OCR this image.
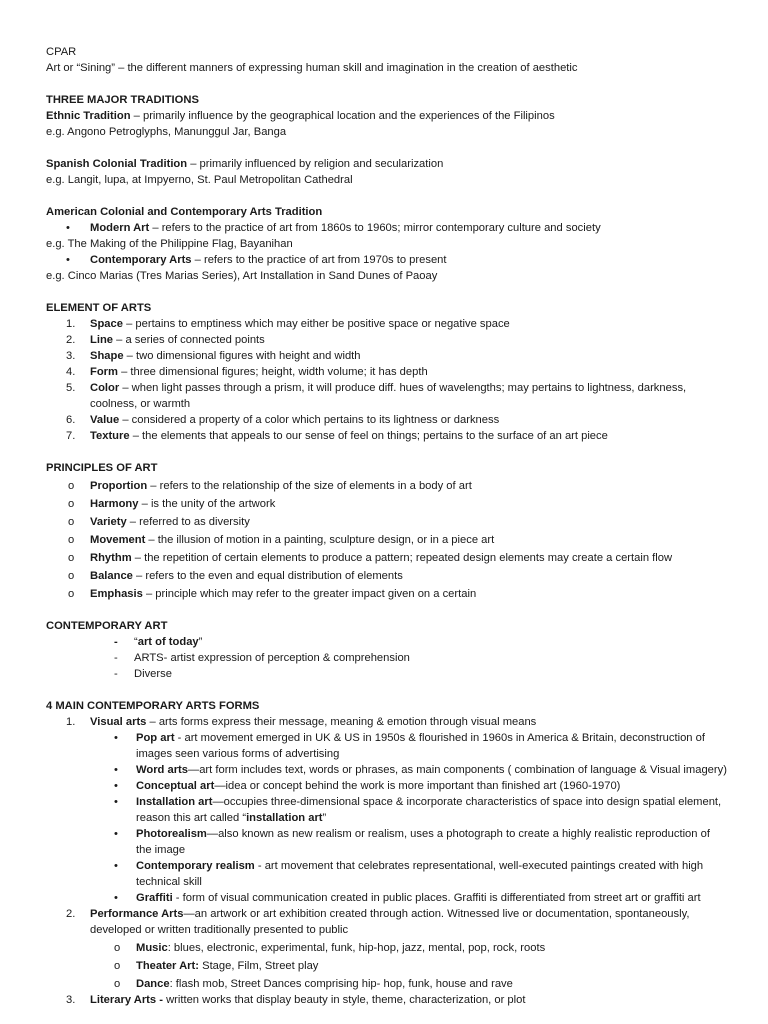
CPAR

Art or “Sining” – the different manners of expressing human skill and imagination in the creation of aesthetic

THREE MAJOR TRADITIONS

Ethnic Tradition – primarily influence by the geographical location and the experiences of the Filipinos

e.g. Angono Petroglyphs, Manunggul Jar, Banga

Spanish Colonial Tradition – primarily influenced by religion and secularization

e.g. Langit, lupa, at Impyerno, St. Paul Metropolitan Cathedral

American Colonial and Contemporary Arts Tradition

•	Modern Art – refers to the practice of art from 1860s to 1960s; mirror contemporary culture and society

e.g. The Making of the Philippine Flag, Bayanihan

•	Contemporary Arts – refers to the practice of art from 1970s to present

e.g. Cinco Marias (Tres Marias Series), Art Installation in Sand Dunes of Paoay

ELEMENT OF ARTS

1.	Space – pertains to emptiness which may either be positive space or negative space
2.	Line – a series of connected points
3.	Shape – two dimensional figures with height and width
4.	Form – three dimensional figures; height, width volume; it has depth
5.	Color – when light passes through a prism, it will produce diff. hues of wavelengths; may pertains to lightness, darkness, coolness, or warmth
6.	Value – considered a property of a color which pertains to its lightness or darkness
7.	Texture – the elements that appeals to our sense of feel on things; pertains to the surface of an art piece

PRINCIPLES OF ART

o	Proportion – refers to the relationship of the size of elements in a body of art
o	Harmony – is the unity of the artwork
o	Variety – referred to as diversity
o	Movement – the illusion of motion in a painting, sculpture design, or in a piece art
o	Rhythm – the repetition of certain elements to produce a pattern; repeated design elements may create a certain flow
o	Balance – refers to the even and equal distribution of elements
o	Emphasis – principle which may refer to the greater impact given on a certain

CONTEMPORARY ART

-	“art of today”
-	ARTS- artist expression of perception & comprehension
-	Diverse

4 MAIN CONTEMPORARY ARTS FORMS

1.	Visual arts – arts forms express their message, meaning & emotion through visual means
•	Pop art - art movement emerged in UK & US in 1950s & flourished in 1960s in America & Britain, deconstruction of images seen various forms of advertising
•	Word arts—art form includes text, words or phrases, as main components ( combination of language & Visual imagery)
•	Conceptual art—idea or concept behind the work is more important than finished art (1960-1970)
•	Installation art—occupies three-dimensional space & incorporate characteristics of space into design spatial element, reason this art called “installation art”
•	Photorealism—also known as new realism or realism, uses a photograph to create a highly realistic reproduction of the image
•	Contemporary realism - art movement that celebrates representational, well-executed paintings created with high technical skill
•	Graffiti - form of visual communication created in public places. Graffiti is differentiated from street art or graffiti art
2.	Performance Arts—an artwork or art exhibition created through action. Witnessed live or documentation, spontaneously, developed or written traditionally presented to public
o	Music: blues, electronic, experimental, funk, hip-hop, jazz, mental, pop, rock, roots
o	Theater Art: Stage, Film, Street play
o	Dance: flash mob, Street Dances comprising hip- hop, funk, house and rave
3.	Literary Arts - written works that display beauty in style, theme, characterization, or plot
